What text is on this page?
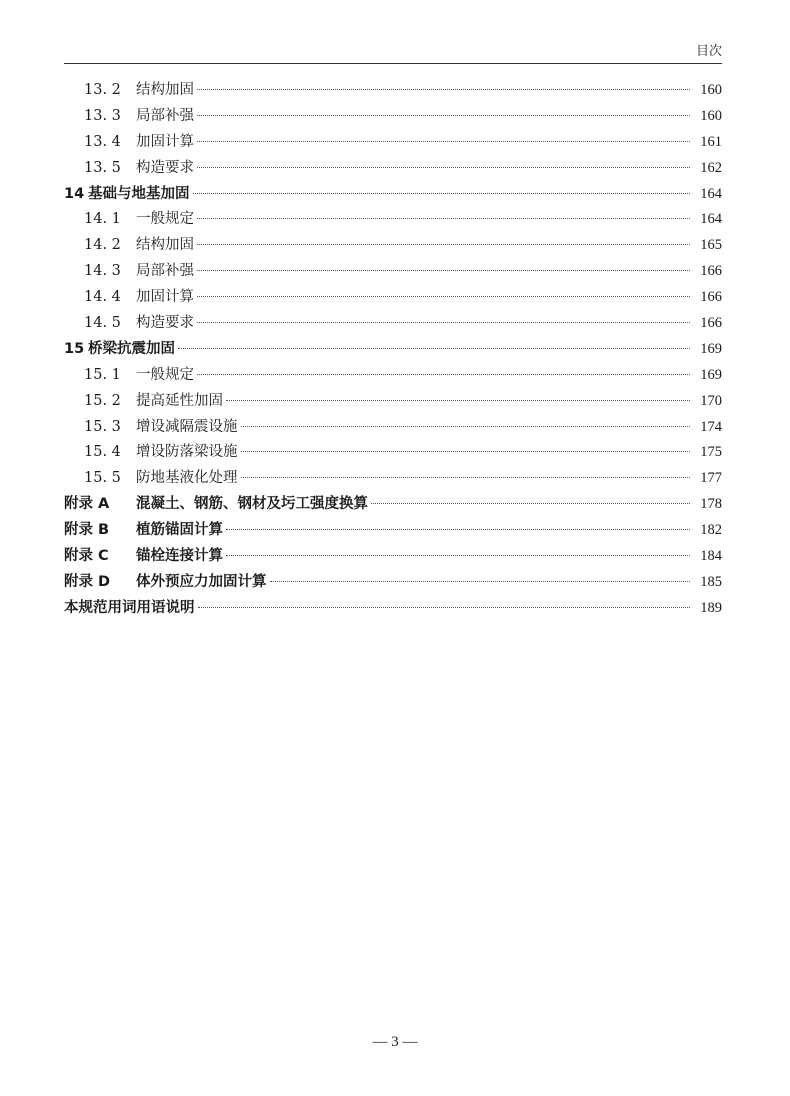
目次
13. 2	结构加固	160
13. 3	局部补强	160
13. 4	加固计算	161
13. 5	构造要求	162
14 基础与地基加固	164
14. 1	一般规定	164
14. 2	结构加固	165
14. 3	局部补强	166
14. 4	加固计算	166
14. 5	构造要求	166
15 桥梁抗震加固	169
15. 1	一般规定	169
15. 2	提高延性加固	170
15. 3	增设减隔震设施	174
15. 4	增设防落梁设施	175
15. 5	防地基液化处理	177
附录 A	混凝土、钢筋、钢材及圬工强度换算	178
附录 B	植筋锚固计算	182
附录 C	锚栓连接计算	184
附录 D	体外预应力加固计算	185
本规范用词用语说明	189
— 3 —
